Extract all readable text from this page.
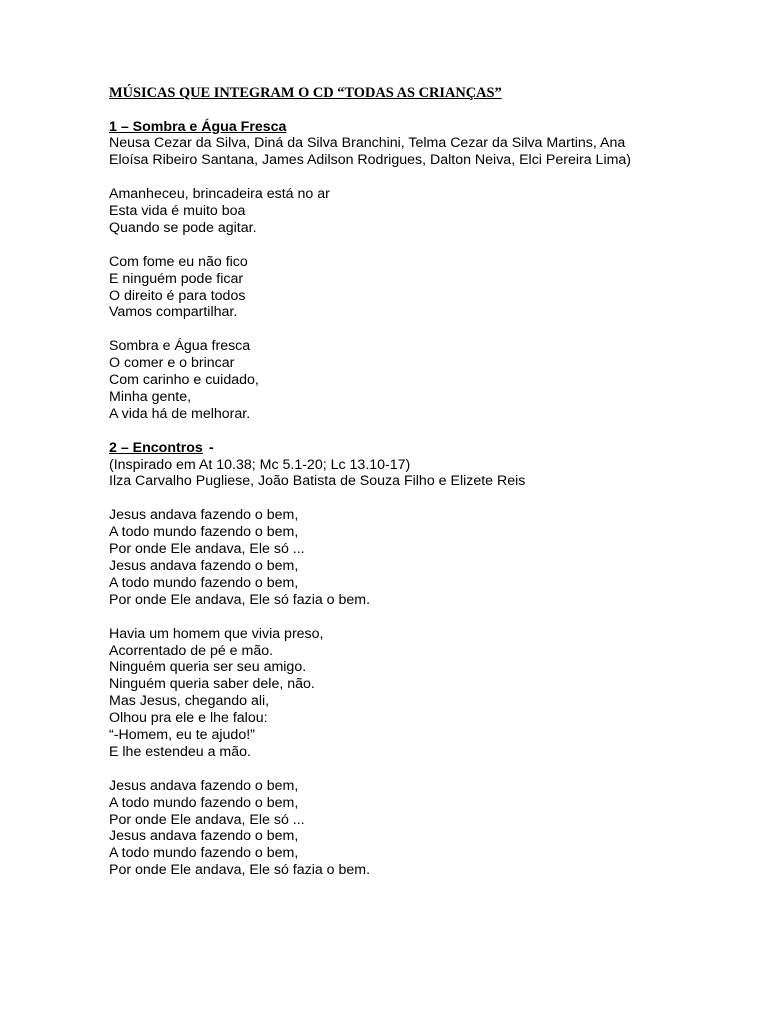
MÚSICAS QUE INTEGRAM O CD “TODAS AS CRIANÇAS”

1 – Sombra e Água Fresca

Neusa Cezar da Silva, Diná da Silva Branchini, Telma Cezar da Silva Martins, Ana Eloísa Ribeiro Santana, James Adilson Rodrigues, Dalton Neiva, Elci Pereira Lima)

Amanheceu, brincadeira está no ar

Esta vida é muito boa

Quando se pode agitar.

Com fome eu não fico

E ninguém pode ficar

O direito é para todos

Vamos compartilhar.

Sombra e Água fresca

O comer e o brincar

Com carinho e cuidado,

Minha gente,

A vida há de melhorar.

2 – Encontros -

(Inspirado em At 10.38; Mc 5.1-20; Lc 13.10-17)

Ilza Carvalho Pugliese, João Batista de Souza Filho e Elizete Reis

Jesus andava fazendo o bem,

A todo mundo fazendo o bem,

Por onde Ele andava, Ele só ...

Jesus andava fazendo o bem,

A todo mundo fazendo o bem,

Por onde Ele andava, Ele só fazia o bem.

Havia um homem que vivia preso,

Acorrentado de pé e mão.

Ninguém queria ser seu amigo.

Ninguém queria saber dele, não.

Mas Jesus, chegando ali,

Olhou pra ele e lhe falou:

“-Homem, eu te ajudo!”

E lhe estendeu a mão.

Jesus andava fazendo o bem,

A todo mundo fazendo o bem,

Por onde Ele andava, Ele só ...

Jesus andava fazendo o bem,

A todo mundo fazendo o bem,

Por onde Ele andava, Ele só fazia o bem.
